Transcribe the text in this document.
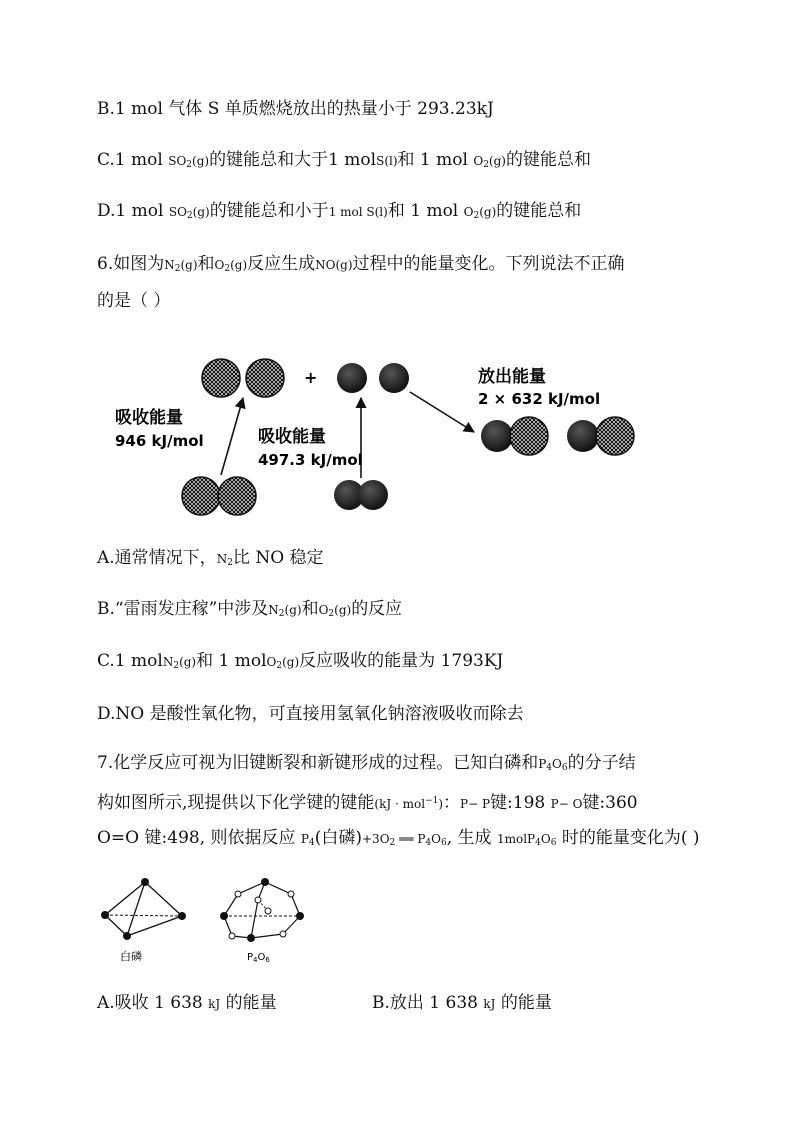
B.1 mol 气体 S 单质燃烧放出的热量小于 293.23kJ
C.1 mol $SO_2(g)$的键能总和大于1 molS(l)和 1 mol $O_2(g)$的键能总和
D.1 mol $SO_2(g)$的键能总和小于1 mol S(l)和 1 mol $O_2(g)$的键能总和
6.如图为$N_2(g)$和$O_2(g)$反应生成NO(g)过程中的能量变化。下列说法不正确
的是（ ）
+
吸收能量
946 kJ/mol	吸收能量
497.3 kJ/mol
放出能量
2 × 632 kJ/mol
A.通常情况下，$N_2$比 NO 稳定
B.“雷雨发庄稼”中涉及$N_2(g)$和$O_2(g)$的反应
C.1 molN$_2$(g)和 1 molO$_2$(g)反应吸收的能量为 1793KJ
D.NO 是酸性氧化物，可直接用氢氧化钠溶液吸收而除去
7.化学反应可视为旧键断裂和新键形成的过程。已知白磷和$P_4O_6$的分子结
构如图所示,现提供以下化学键的键能(kJ · mol$^{-1}$)：P− P键:198 P− O键:360
O=O 键:498, 则依据反应 $P_4$(白磷)$+3O_2$ ══ $P_4O_6$, 生成 $1molP_4O_6$ 时的能量变化为( )
白磷	$P_4O_6$
A.吸收 1 638 kJ 的能量	B.放出 1 638 kJ 的能量
